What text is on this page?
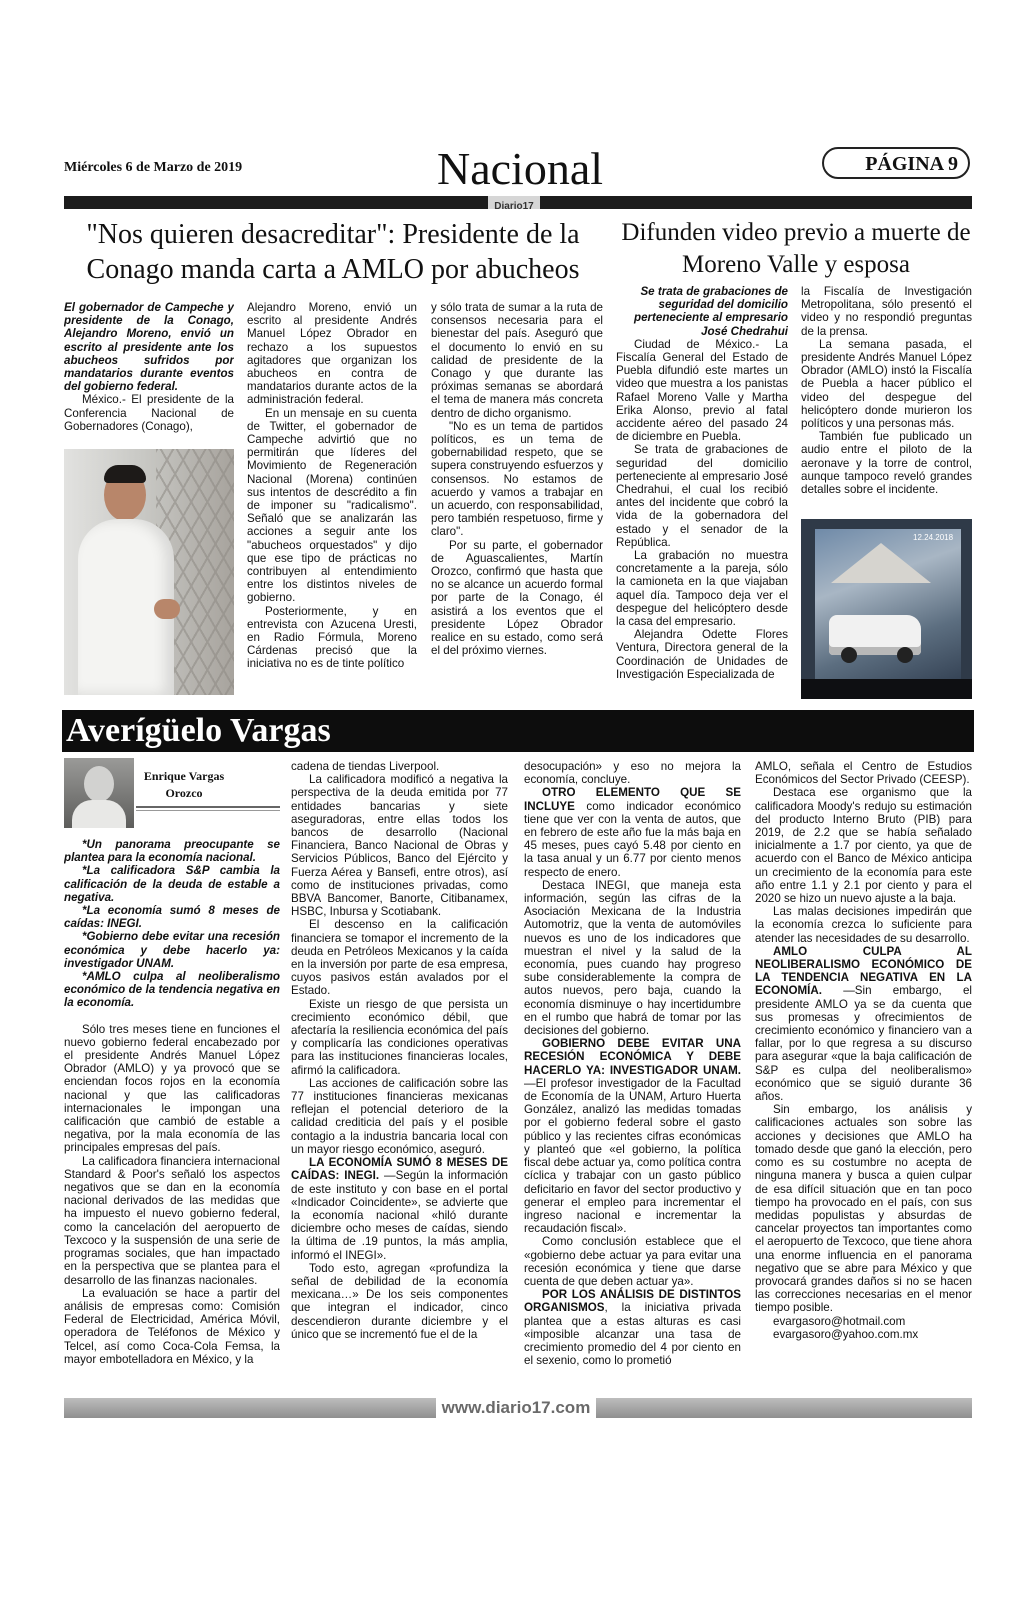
Miércoles 6 de Marzo de 2019	Nacional	PÁGINA 9
Diario17
"Nos quieren desacreditar": Presidente de la Conago manda carta a AMLO por abucheos

El gobernador de Campeche y presidente de la Conago, Alejandro Moreno, envió un escrito al presidente ante los abucheos sufridos por mandatarios durante eventos del gobierno federal.

México.- El presidente de la Conferencia Nacional de Gobernadores (Conago),

Alejandro Moreno, envió un escrito al presidente Andrés Manuel López Obrador en rechazo a los supuestos agitadores que organizan los abucheos en contra de mandatarios durante actos de la administración federal.

En un mensaje en su cuenta de Twitter, el gobernador de Campeche advirtió que no permitirán que líderes del Movimiento de Regeneración Nacional (Morena) continúen sus intentos de descrédito a fin de imponer su "radicalismo". Señaló que se analizarán las acciones a seguir ante los "abucheos orquestados" y dijo que ese tipo de prácticas no contribuyen al entendimiento entre los distintos niveles de gobierno.

Posteriormente, y en entrevista con Azucena Uresti, en Radio Fórmula, Moreno Cárdenas precisó que la iniciativa no es de tinte político

y sólo trata de sumar a la ruta de consensos necesaria para el bienestar del país. Aseguró que el documento lo envió en su calidad de presidente de la Conago y que durante las próximas semanas se abordará el tema de manera más concreta dentro de dicho organismo.

"No es un tema de partidos políticos, es un tema de gobernabilidad respeto, que se supera construyendo esfuerzos y consensos. No estamos de acuerdo y vamos a trabajar en un acuerdo, con responsabilidad, pero también respetuoso, firme y claro".

Por su parte, el gobernador de Aguascalientes, Martín Orozco, confirmó que hasta que no se alcance un acuerdo formal por parte de la Conago, él asistirá a los eventos que el presidente López Obrador realice en su estado, como será el del próximo viernes.

Difunden video previo a muerte de Moreno Valle y esposa

Se trata de grabaciones de seguridad del domicilio perteneciente al empresario José Chedrahui

Ciudad de México.- La Fiscalía General del Estado de Puebla difundió este martes un video que muestra a los panistas Rafael Moreno Valle y Martha Erika Alonso, previo al fatal accidente aéreo del pasado 24 de diciembre en Puebla.

Se trata de grabaciones de seguridad del domicilio perteneciente al empresario José Chedrahui, el cual los recibió antes del incidente que cobró la vida de la gobernadora del estado y el senador de la República.

La grabación no muestra concretamente a la pareja, sólo la camioneta en la que viajaban aquel día. Tampoco deja ver el despegue del helicóptero desde la casa del empresario.

Alejandra Odette Flores Ventura, Directora general de la Coordinación de Unidades de Investigación Especializada de

la Fiscalía de Investigación Metropolitana, sólo presentó el video y no respondió preguntas de la prensa.

La semana pasada, el presidente Andrés Manuel López Obrador (AMLO) instó la Fiscalía de Puebla a hacer público el video del despegue del helicóptero donde murieron los políticos y una personas más.

También fue publicado un audio entre el piloto de la aeronave y la torre de control, aunque tampoco reveló grandes detalles sobre el incidente.

12.24.2018
Averígüelo Vargas
Enrique Vargas Orozco

*Un panorama preocupante se plantea para la economía nacional.

*La calificadora S&P cambia la calificación de la deuda de estable a negativa.

*La economía sumó 8 meses de caídas: INEGI.

*Gobierno debe evitar una recesión económica y debe hacerlo ya: investigador UNAM.

*AMLO culpa al neoliberalismo económico de la tendencia negativa en la economía.

Sólo tres meses tiene en funciones el nuevo gobierno federal encabezado por el presidente Andrés Manuel López Obrador (AMLO) y ya provocó que se enciendan focos rojos en la economía nacional y que las calificadoras internacionales le impongan una calificación que cambió de estable a negativa, por la mala economía de las principales empresas del país.

La calificadora financiera internacional Standard & Poor's señaló los aspectos negativos que se dan en la economía nacional derivados de las medidas que ha impuesto el nuevo gobierno federal, como la cancelación del aeropuerto de Texcoco y la suspensión de una serie de programas sociales, que han impactado en la perspectiva que se plantea para el desarrollo de las finanzas nacionales.

La evaluación se hace a partir del análisis de empresas como: Comisión Federal de Electricidad, América Móvil, operadora de Teléfonos de México y Telcel, así como Coca-Cola Femsa, la mayor embotelladora en México, y la

cadena de tiendas Liverpool.

La calificadora modificó a negativa la perspectiva de la deuda emitida por 77 entidades bancarias y siete aseguradoras, entre ellas todos los bancos de desarrollo (Nacional Financiera, Banco Nacional de Obras y Servicios Públicos, Banco del Ejército y Fuerza Aérea y Bansefi, entre otros), así como de instituciones privadas, como BBVA Bancomer, Banorte, Citibanamex, HSBC, Inbursa y Scotiabank.

El descenso en la calificación financiera se tomapor el incremento de la deuda en Petróleos Mexicanos y la caída en la inversión por parte de esa empresa, cuyos pasivos están avalados por el Estado.

Existe un riesgo de que persista un crecimiento económico débil, que afectaría la resiliencia económica del país y complicaría las condiciones operativas para las instituciones financieras locales, afirmó la calificadora.

Las acciones de calificación sobre las 77 instituciones financieras mexicanas reflejan el potencial deterioro de la calidad crediticia del país y el posible contagio a la industria bancaria local con un mayor riesgo económico, aseguró.

LA ECONOMÍA SUMÓ 8 MESES DE CAÍDAS: INEGI. —Según la información de este instituto y con base en el portal «Indicador Coincidente», se advierte que la economía nacional «hiló durante diciembre ocho meses de caídas, siendo la última de .19 puntos, la más amplia, informó el INEGI».

Todo esto, agregan «profundiza la señal de debilidad de la economía mexicana…» De los seis componentes que integran el indicador, cinco descendieron durante diciembre y el único que se incrementó fue el de la

desocupación» y eso no mejora la economía, concluye.

OTRO ELEMENTO QUE SE INCLUYE como indicador económico tiene que ver con la venta de autos, que en febrero de este año fue la más baja en 45 meses, pues cayó 5.48 por ciento en la tasa anual y un 6.77 por ciento menos respecto de enero.

Destaca INEGI, que maneja esta información, según las cifras de la Asociación Mexicana de la Industria Automotriz, que la venta de automóviles nuevos es uno de los indicadores que muestran el nivel y la salud de la economía, pues cuando hay progreso sube considerablemente la compra de autos nuevos, pero baja, cuando la economía disminuye o hay incertidumbre en el rumbo que habrá de tomar por las decisiones del gobierno.

GOBIERNO DEBE EVITAR UNA RECESIÓN ECONÓMICA Y DEBE HACERLO YA: INVESTIGADOR UNAM. —El profesor investigador de la Facultad de Economía de la UNAM, Arturo Huerta González, analizó las medidas tomadas por el gobierno federal sobre el gasto público y las recientes cifras económicas y planteó que «el gobierno, la política fiscal debe actuar ya, como política contra cíclica y trabajar con un gasto público deficitario en favor del sector productivo y generar el empleo para incrementar el ingreso nacional e incrementar la recaudación fiscal».

Como conclusión establece que el «gobierno debe actuar ya para evitar una recesión económica y tiene que darse cuenta de que deben actuar ya».

POR LOS ANÁLISIS DE DISTINTOS ORGANISMOS, la iniciativa privada plantea que a estas alturas es casi «imposible alcanzar una tasa de crecimiento promedio del 4 por ciento en el sexenio, como lo prometió

AMLO, señala el Centro de Estudios Económicos del Sector Privado (CEESP).

Destaca ese organismo que la calificadora Moody's redujo su estimación del producto Interno Bruto (PIB) para 2019, de 2.2 que se había señalado inicialmente a 1.7 por ciento, ya que de acuerdo con el Banco de México anticipa un crecimiento de la economía para este año entre 1.1 y 2.1 por ciento y para el 2020 se hizo un nuevo ajuste a la baja.

Las malas decisiones impedirán que la economía crezca lo suficiente para atender las necesidades de su desarrollo.

AMLO CULPA AL NEOLIBERALISMO ECONÓMICO DE LA TENDENCIA NEGATIVA EN LA ECONOMÍA. —Sin embargo, el presidente AMLO ya se da cuenta que sus promesas y ofrecimientos de crecimiento económico y financiero van a fallar, por lo que regresa a su discurso para asegurar «que la baja calificación de S&P es culpa del neoliberalismo» económico que se siguió durante 36 años.

Sin embargo, los análisis y calificaciones actuales son sobre las acciones y decisiones que AMLO ha tomado desde que ganó la elección, pero como es su costumbre no acepta de ninguna manera y busca a quien culpar de esa difícil situación que en tan poco tiempo ha provocado en el país, con sus medidas populistas y absurdas de cancelar proyectos tan importantes como el aeropuerto de Texcoco, que tiene ahora una enorme influencia en el panorama negativo que se abre para México y que provocará grandes daños si no se hacen las correcciones necesarias en el menor tiempo posible.

evargasoro@hotmail.com

evargasoro@yahoo.com.mx

www.diario17.com
